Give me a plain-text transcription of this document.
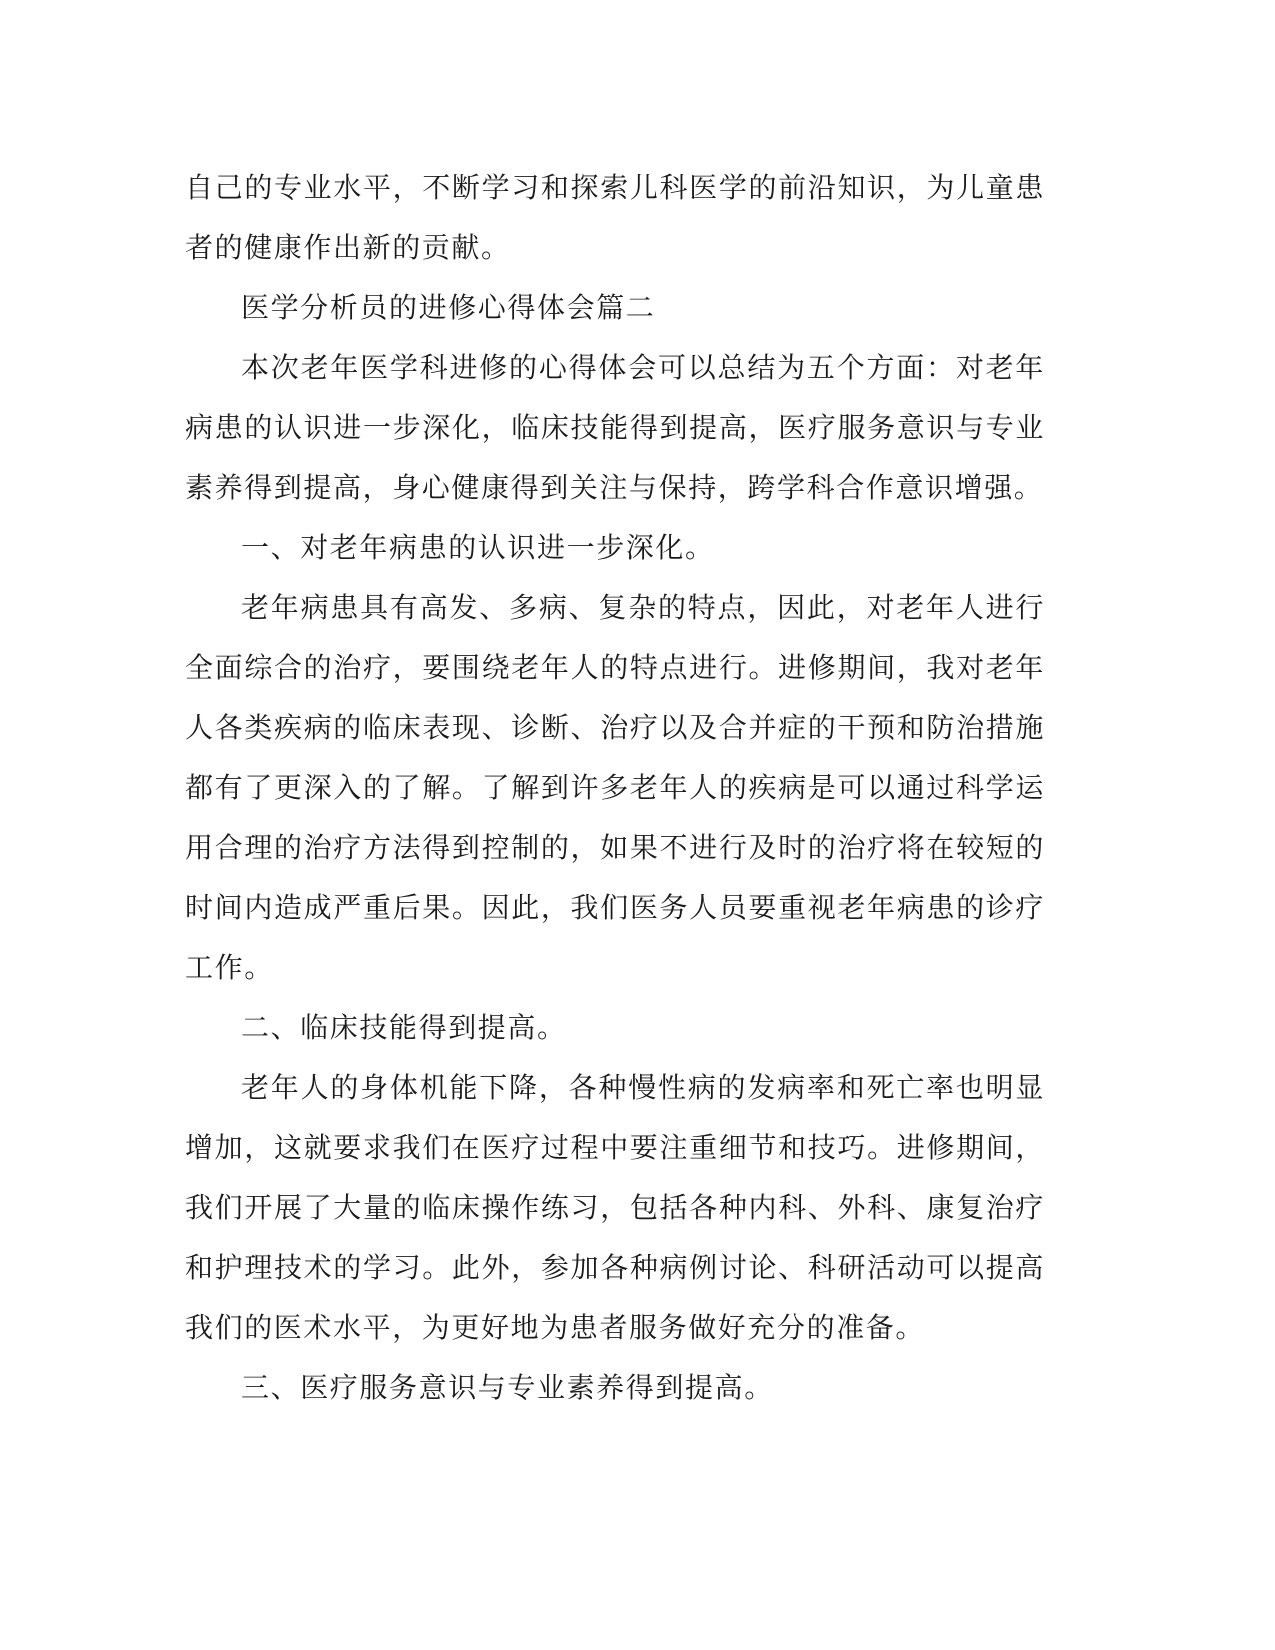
自己的专业水平，不断学习和探索儿科医学的前沿知识，为儿童患者的健康作出新的贡献。

医学分析员的进修心得体会篇二

本次老年医学科进修的心得体会可以总结为五个方面：对老年病患的认识进一步深化，临床技能得到提高，医疗服务意识与专业素养得到提高，身心健康得到关注与保持，跨学科合作意识增强。

一、对老年病患的认识进一步深化。

老年病患具有高发、多病、复杂的特点，因此，对老年人进行全面综合的治疗，要围绕老年人的特点进行。进修期间，我对老年人各类疾病的临床表现、诊断、治疗以及合并症的干预和防治措施都有了更深入的了解。了解到许多老年人的疾病是可以通过科学运用合理的治疗方法得到控制的，如果不进行及时的治疗将在较短的时间内造成严重后果。因此，我们医务人员要重视老年病患的诊疗工作。

二、临床技能得到提高。

老年人的身体机能下降，各种慢性病的发病率和死亡率也明显增加，这就要求我们在医疗过程中要注重细节和技巧。进修期间，我们开展了大量的临床操作练习，包括各种内科、外科、康复治疗和护理技术的学习。此外，参加各种病例讨论、科研活动可以提高我们的医术水平，为更好地为患者服务做好充分的准备。

三、医疗服务意识与专业素养得到提高。
